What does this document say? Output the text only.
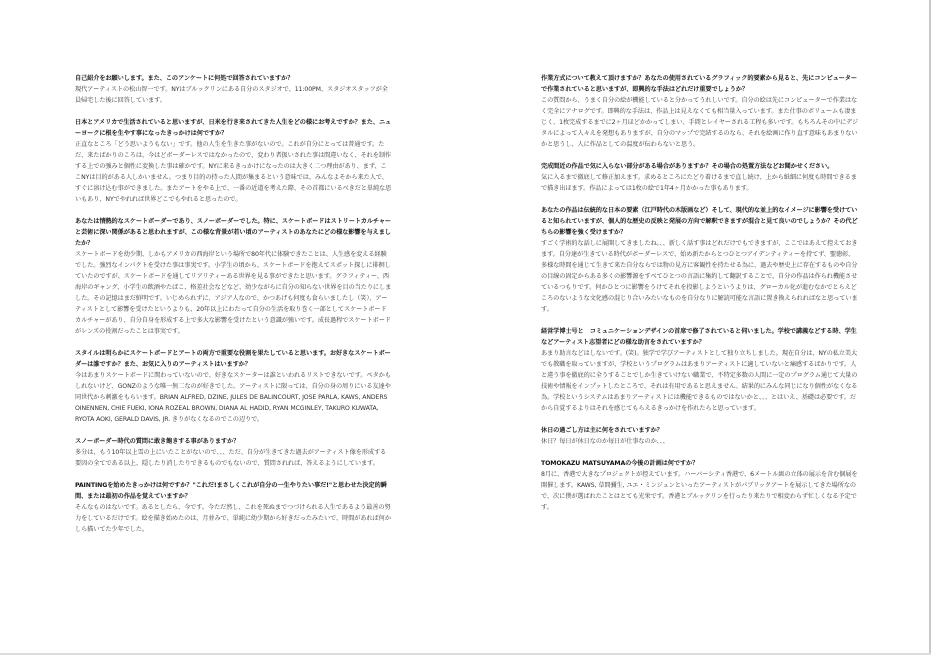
自己紹介をお願いします。また、このアンケートに何処で回答されていますか？

現代アーティストの松山智一です。NYはブルックリンにある自分のスタジオで、11:00PM、スタジオスタッフが全員帰宅した後に回答しています。

日本とアメリカで生活されていると思いますが、日米を行き来されてきた人生をどの様にお考えですか？また、ニューヨークに根を生やす事になったきっかけは何ですか？

正直なところ「どう思いようもない」です。他の人生を生きた事がないので。これが自分にとっては普通です。ただ、来たばかりのころは、今はどボーダーレスではなかったので、変わり者扱いされた事は間違いなく、それを制作する上での強みと個性に変換した事は確かです。NYに来るきっかけになったのは大きく二つ理由があり、まず、ここNYは目的がある人しかいません。つまり目的の持った人間が集まるという意味では、みんなよそから来た人で、すぐに溶け込む事ができました。またアートをやる上で、一番の近道を考えた際、その首都にいるべきだと単純な思いもあり、NYでやれれば世界どこでもやれると思ったので。

あなたは情熱的なスケートボーダーであり、スノーボーダーでした。特に、スケートボードはストリートカルチャーと芸術に深い関係があると思われますが、この様な背景が若い頃のアーティストのあなたにどの様な影響を与えましたか？

スケートボードを幼少期、しかもアメリカの西海岸という場所で80年代に体験できたことは、人生感を変える経験でした。強烈なインパクトを受けた事は事実です。小学生の頃から、スケートボードを抱えてスポット探しに徘徊していたのですが、スケートボードを通してリアリティーある世界を見る事ができたと思います。グラフィティー、西海岸のギャング、小学生の飲酒やたばこ、格差社会などなど、幼少ながらに自分の知らない世界を目の当たりにしました。その記憶はまだ鮮明です。いじめられずに、アジア人なので、かつあげも何度も食らいましたし（笑）、アーティストとして影響を受けたというよりも、20年以上にわたって自分の生活を取り巻く一部としてスケートボードカルチャーがあり、自分自身を形成する上で多大な影響を受けたという意識が強いです。成長過程でスケートボードがレンズの役割だったことは事実です。

スタイルは明らかにスケートボードとアートの両方で重要な役割を果たしていると思います。お好きなスケートボーダーは誰ですか？また、お気に入りのアーティストはいますか？

今はあまりスケートボードに関わっていないので、好きなスケーターは誰といわれるリストできないです。ペタかもしれないけど、GONZのような唯一無二なのが好きでした。アーティストに限っては、自分の身の周りにいる友達や同世代から刺激をもらいます。BRIAN ALFRED, DZINE, JULES DE BALINCOURT, JOSE PARLA, KAWS, ANDERS OINENNEN, CHIE FUEKI, IONA ROZEAL BROWN, DIANA AL HADID, RYAN MCGINLEY, TAKURO KUWATA, RYOTA AOKI, GERALD DAVIS, JR. きりがなくなるのでこの辺りで。

スノーボーダー時代の質問に敢き飽きする事がありますか？

多分は、もう10年以上雪の上にいたことがないので、、、ただ、自分が生きてきた過去がアーティスト像を形成する要因の全てである以上、隠したり消したりできるものでもないので、質問されれば、答えるようにしています。

PAINTINGを始めたきっかけは何ですか？"これだ!まさしくこれが自分の一生やりたい事だ!"と思わせた決定的瞬間、または最初の作品を覚えていますか？

そんなものはないです。あるとしたら、今です。今ただ然し、これを死ぬまでつづけられる人生であるよう最善の努力をしているだけです。絵を描き始めたのは、月並みで、単純に幼少期から好きだったみたいで、時間があれば何かしら描いてた少年でした。

作業方式について教えて頂けますか？あなたの使用されているグラフィック的要素から見ると、先にコンピューターで作業されていると思いますが、即興的な手法はどれだけ重要でしょうか？

この質問から、うまく自分の絵が機能していると分かってうれしいです。自分の絵は先にコンピューターで作業はなく完全にアナログです。即興的な手法は、作品上は見えなくても相当量入っています。また仕事のボリュームも凄まじく、1枚完成するまでに2ヶ月ほどかかってしまい、手間とレイヤーされる工程も多いです。もちろんその中にデジタルによって人々えを発想もありますが、自分のマップで完結するのなら、それを絵画に作り直す意味もあまりないかと思うし、人に作品としての温度が伝わらないと思う。

完成間近の作品で気に入らない部分がある場合がありますか？その場合の処置方法などお聞かせください。

気に入るまで徹底して修正加えます。求めるところにたどり着けるまで直し続け、上から紙細に何度も時間できるまで描き出ほます。作品によっては1枚の絵で1年4ヶ月かかった事もあります。

あなたの作品は伝統的な日本の要素（江戸時代の木版画など）そして、現代的な並上的なイメージに影響を受けていると知られていますが、個人的な歴史の反映と発展の方向で解釈できますが混合と見て良いのでしょうか？その代どちらの影響を強く受けますか？

すごく学術的な話しに展開してきましたね。、、新しく話す事はどれだけでもできますが、ここではあえて控えておきます。自分達が生きている時代がボーダーレスで、始め新たからとつひとつアイデンティティーを持てず、聖徳彰、多様な時間を通じて生きて来た自分ならでは物の見方に客観性を持たせる為に、過去や歴史上に存在するものや自分の目線の固定からある多くの影響源をすべてひとつの言語に集約して翻訳することで、自分の作品は作られ機能させているつもりです。何かひとつに影響をうけてそれを投影しようというよりは、グローカル化が進むなかでとらえどころのないような文化感の混じり合いみたいなものを自分なりに解読可能な言語に置き換えられればなと思っています。

経営学博士号と　コミュニケーションデザインの首席で修了されていると伺いました。学校で講義などする時、学生などアーティスト志望者にどの様な助言をされていますか？

あまり助言などはしないです。(笑)。独学で学びアーティストとして独り立ちしました。現在自分は、NYの私立美大でも教職を取っていますが、学校というプログラムはあまりアーティストに適していないと痛感するばかりです。人と違う事を徹底的に全うすることでしか生きていけない職業で、不特定多数の人間に一定のプログラム通じて大量の技術や情報をインプットしたところで、それは有用であると思えません。結果的にみんな同じになり個性がなくなる為。学校というシステムはあまりアーティストには機能できるものではないかと、、、とはいえ、基礎は必要です。だから自覚するよりはそれを感じてもらえるきっかけを作れたらと思っています。

休日の過ごし方は主に何をされていますか？

休日？毎日が休日なのか毎日が仕事なのか、、、

TOMOKAZU MATSUYAMAの今後の計画は何ですか？

8月に、香港で大きなプロジェクトが控えています。ハーバーシティ香港で、6メートル級の立体の展示を含む個展を開催します。KAWS, 草間彌生, ユエ・ミンジュンといったアーティストがパブリックアートを展示してきた場所なので、次に僕が選ばれたことはとても光栄です。香港とブルックリンを行ったり来たりで相変わらず忙しくなる予定です。
